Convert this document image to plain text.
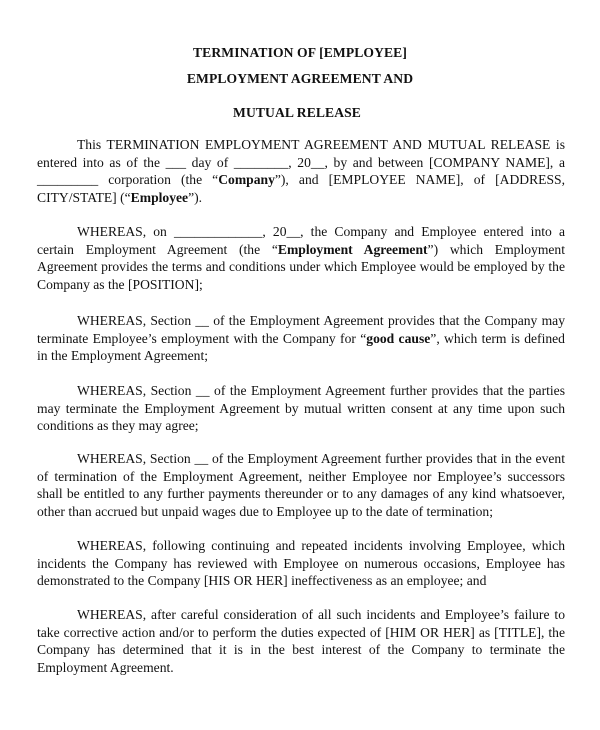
TERMINATION OF [EMPLOYEE]
EMPLOYMENT AGREEMENT AND
MUTUAL RELEASE

This TERMINATION EMPLOYMENT AGREEMENT AND MUTUAL RELEASE is entered into as of the ___ day of ________, 20__, by and between [COMPANY NAME], a _________ corporation (the “Company”), and [EMPLOYEE NAME], of [ADDRESS, CITY/STATE] (“Employee”).

WHEREAS, on _____________, 20__, the Company and Employee entered into a certain Employment Agreement (the “Employment Agreement”) which Employment Agreement provides the terms and conditions under which Employee would be employed by the Company as the [POSITION];

WHEREAS, Section __ of the Employment Agreement provides that the Company may terminate Employee’s employment with the Company for “good cause”, which term is defined in the Employment Agreement;

WHEREAS, Section __ of the Employment Agreement further provides that the parties may terminate the Employment Agreement by mutual written consent at any time upon such conditions as they may agree;

WHEREAS, Section __ of the Employment Agreement further provides that in the event of termination of the Employment Agreement, neither Employee nor Employee’s successors shall be entitled to any further payments thereunder or to any damages of any kind whatsoever, other than accrued but unpaid wages due to Employee up to the date of termination;

WHEREAS, following continuing and repeated incidents involving Employee, which incidents the Company has reviewed with Employee on numerous occasions, Employee has demonstrated to the Company [HIS OR HER] ineffectiveness as an employee; and

WHEREAS, after careful consideration of all such incidents and Employee’s failure to take corrective action and/or to perform the duties expected of [HIM OR HER] as [TITLE], the Company has determined that it is in the best interest of the Company to terminate the Employment Agreement.
